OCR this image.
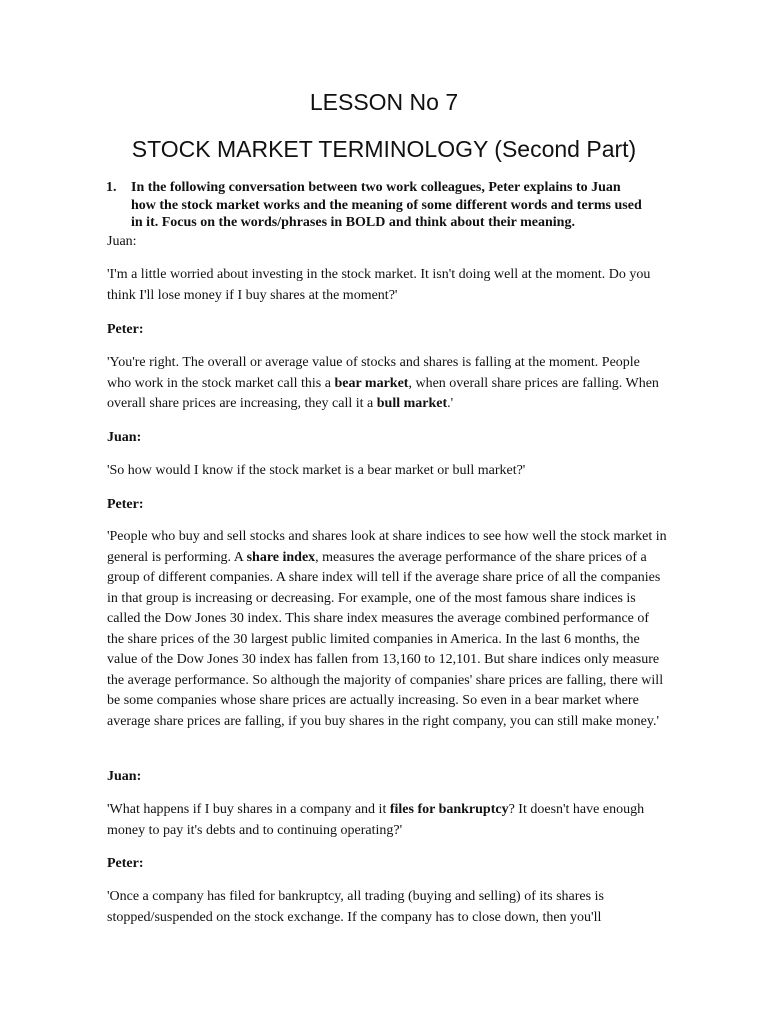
LESSON No 7
STOCK MARKET TERMINOLOGY (Second Part)
1.	In the following conversation between two work colleagues, Peter explains to Juan how the stock market works and the meaning of some different words and terms used in it. Focus on the words/phrases in BOLD and think about their meaning.
Juan:

'I'm a little worried about investing in the stock market. It isn't doing well at the moment. Do you think I'll lose money if I buy shares at the moment?'

Peter:

'You're right. The overall or average value of stocks and shares is falling at the moment. People who work in the stock market call this a bear market, when overall share prices are falling. When overall share prices are increasing, they call it a bull market.'

Juan:

'So how would I know if the stock market is a bear market or bull market?'

Peter:

'People who buy and sell stocks and shares look at share indices to see how well the stock market in general is performing. A share index, measures the average performance of the share prices of a group of different companies. A share index will tell if the average share price of all the companies in that group is increasing or decreasing. For example, one of the most famous share indices is called the Dow Jones 30 index. This share index measures the average combined performance of the share prices of the 30 largest public limited companies in America. In the last 6 months, the value of the Dow Jones 30 index has fallen from 13,160 to 12,101. But share indices only measure the average performance. So although the majority of companies' share prices are falling, there will be some companies whose share prices are actually increasing. So even in a bear market where average share prices are falling, if you buy shares in the right company, you can still make money.'

Juan:

'What happens if I buy shares in a company and it files for bankruptcy? It doesn't have enough money to pay it's debts and to continuing operating?'

Peter:

'Once a company has filed for bankruptcy, all trading (buying and selling) of its shares is stopped/suspended on the stock exchange. If the company has to close down, then you'll
